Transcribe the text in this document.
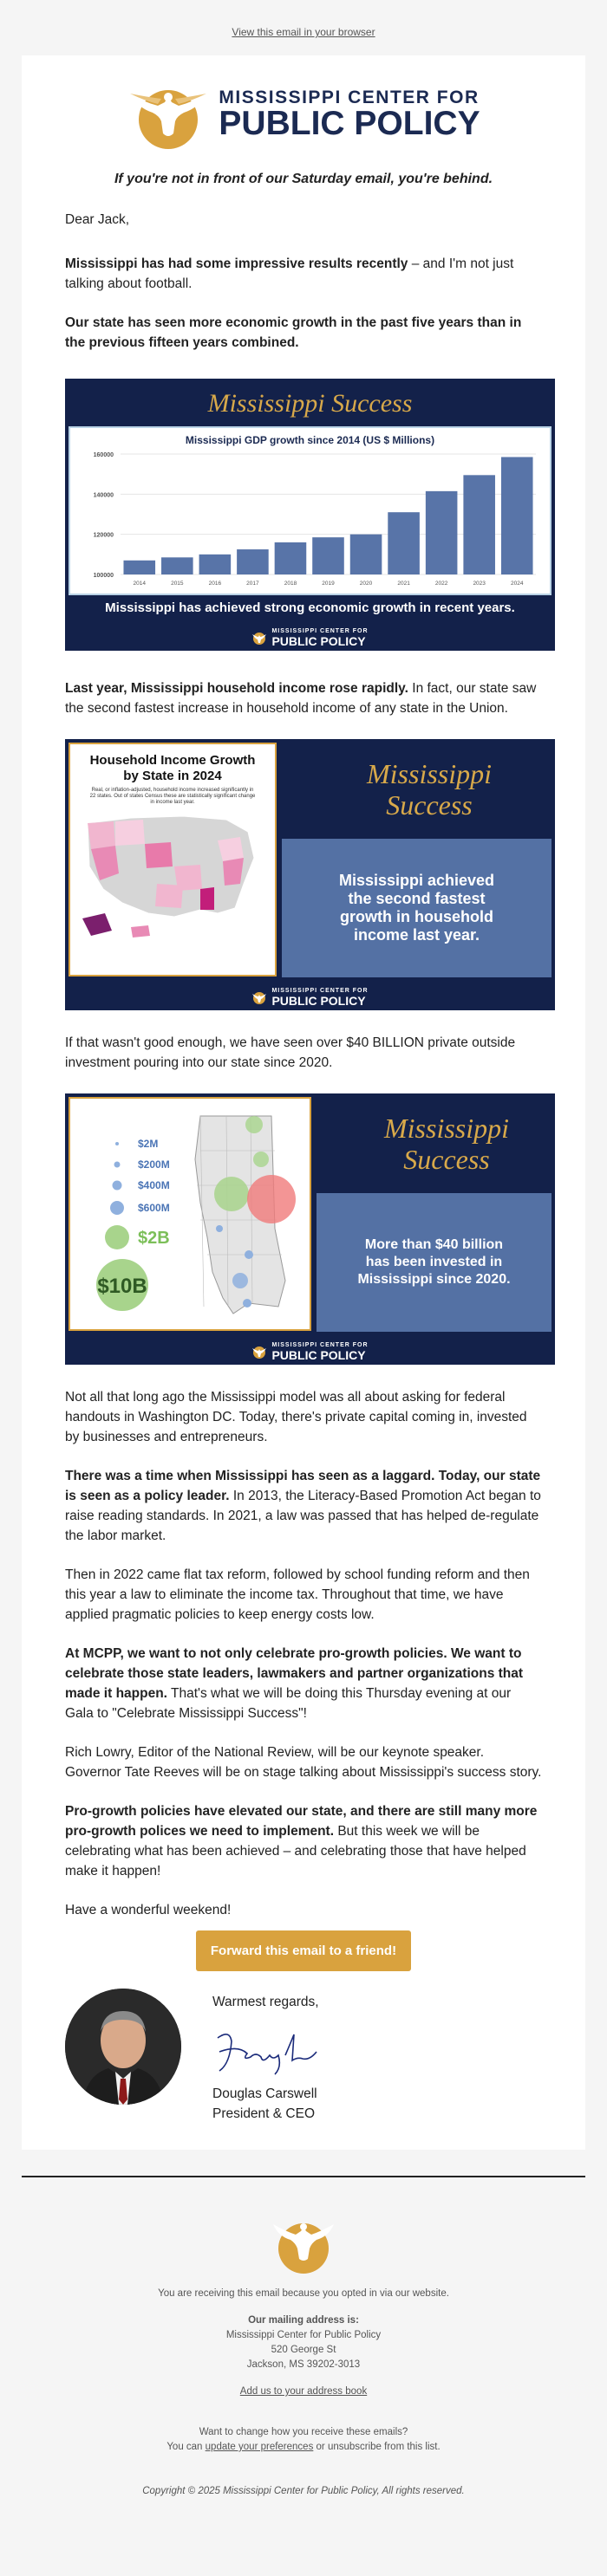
View this email in your browser
MISSISSIPPI CENTER FOR
PUBLIC POLICY
If you're not in front of our Saturday email, you're behind.

Dear Jack,

Mississippi has had some impressive results recently – and I'm not just talking about football.

Our state has seen more economic growth in the past five years than in the previous fifteen years combined.

Mississippi Success
Mississippi GDP growth since 2014 (US $ Millions)
100000
120000
140000
160000
2014	2015	2016	2017	2018	2019	2020	2021	2022	2023	2024
Mississippi has achieved strong economic growth in recent years.
MISSISSIPPI CENTER FOR
PUBLIC POLICY

Last year, Mississippi household income rose rapidly. In fact, our state saw the second fastest increase in household income of any state in the Union.

Household Income Growth by State in 2024
Real, or inflation-adjusted, household income increased significantly in 22 states. Out of states Census these are statistically significant change in income last year.
Mississippi Success
Mississippi achieved the second fastest growth in household income last year.
MISSISSIPPI CENTER FOR
PUBLIC POLICY

If that wasn't good enough, we have seen over $40 BILLION private outside investment pouring into our state since 2020.

$2M
$200M
$400M
$600M
$2B
$10B
Mississippi Success
More than $40 billion has been invested in Mississippi since 2020.
MISSISSIPPI CENTER FOR
PUBLIC POLICY

Not all that long ago the Mississippi model was all about asking for federal handouts in Washington DC. Today, there's private capital coming in, invested by businesses and entrepreneurs.

There was a time when Mississippi has seen as a laggard. Today, our state is seen as a policy leader. In 2013, the Literacy-Based Promotion Act began to raise reading standards. In 2021, a law was passed that has helped de-regulate the labor market.

Then in 2022 came flat tax reform, followed by school funding reform and then this year a law to eliminate the income tax. Throughout that time, we have applied pragmatic policies to keep energy costs low.

At MCPP, we want to not only celebrate pro-growth policies. We want to celebrate those state leaders, lawmakers and partner organizations that made it happen. That's what we will be doing this Thursday evening at our Gala to "Celebrate Mississippi Success"!

Rich Lowry, Editor of the National Review, will be our keynote speaker. Governor Tate Reeves will be on stage talking about Mississippi's success story.

Pro-growth policies have elevated our state, and there are still many more pro-growth polices we need to implement. But this week we will be celebrating what has been achieved – and celebrating those that have helped make it happen!

Have a wonderful weekend!

Forward this email to a friend!
Warmest regards,
Douglas Carswell
President & CEO
You are receiving this email because you opted in via our website.
Our mailing address is:
Mississippi Center for Public Policy
520 George St
Jackson, MS 39202-3013
Add us to your address book
Want to change how you receive these emails?
You can update your preferences or unsubscribe from this list.
Copyright © 2025 Mississippi Center for Public Policy, All rights reserved.
